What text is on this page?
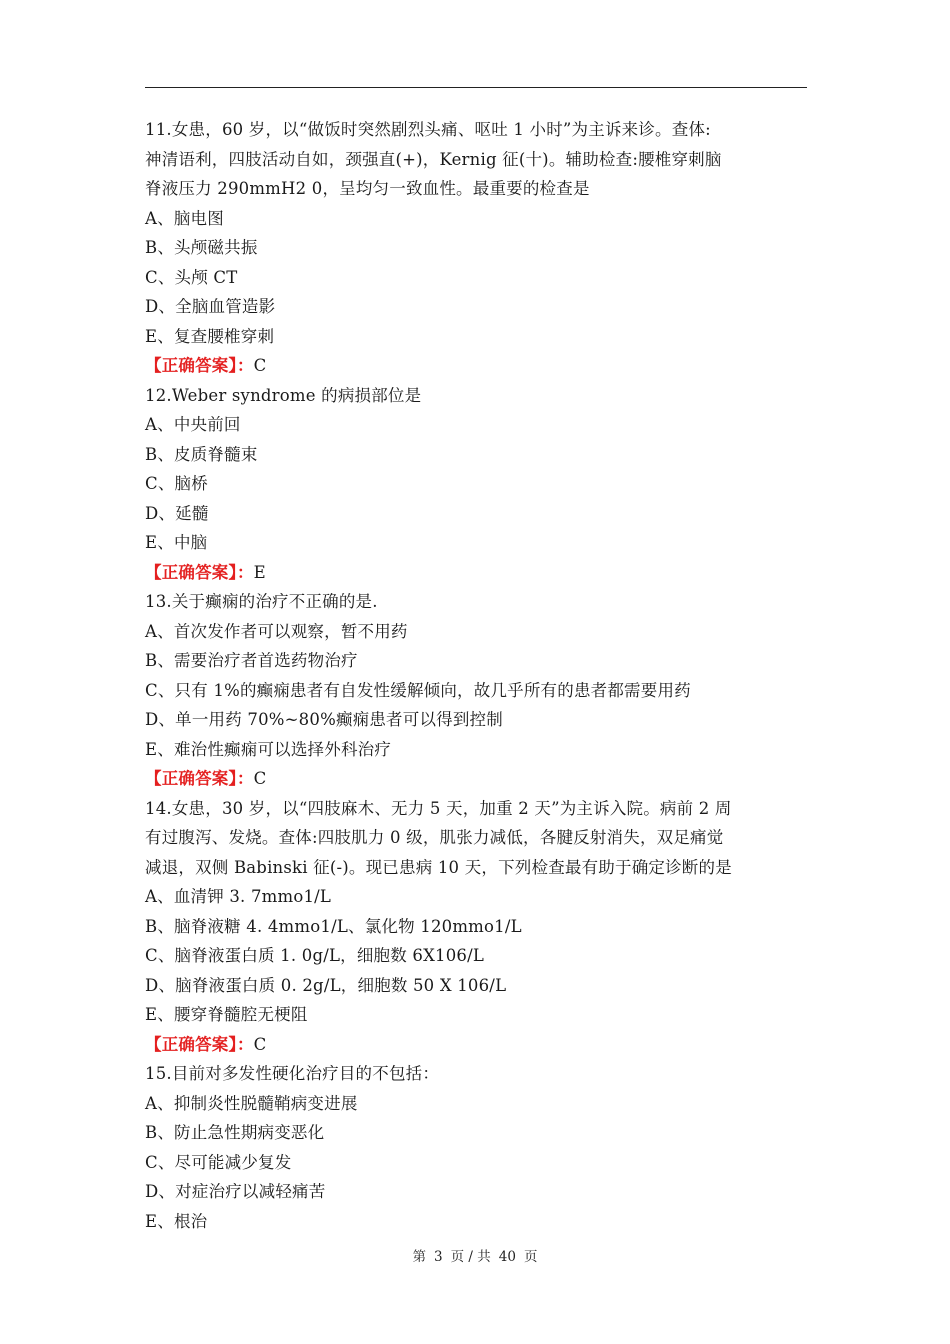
11.女患，60 岁，以“做饭时突然剧烈头痛、呕吐 1 小时”为主诉来诊。查体:
神清语利，四肢活动自如，颈强直(+)，Kernig 征(十)。辅助检查:腰椎穿刺脑
脊液压力 290mmH2 0，呈均匀一致血性。最重要的检查是
A、脑电图
B、头颅磁共振
C、头颅 CT
D、全脑血管造影
E、复查腰椎穿刺
【正确答案】：C
12.Weber syndrome 的病损部位是
A、中央前回
B、皮质脊髓束
C、脑桥
D、延髓
E、中脑
【正确答案】：E
13.关于癫痫的治疗不正确的是.
A、首次发作者可以观察，暂不用药
B、需要治疗者首选药物治疗
C、只有 1%的癫痫患者有自发性缓解倾向，故几乎所有的患者都需要用药
D、单一用药 70%~80%癫痫患者可以得到控制
E、难治性癫痫可以选择外科治疗
【正确答案】：C
14.女患，30 岁，以“四肢麻木、无力 5 天，加重 2 天”为主诉入院。病前 2 周
有过腹泻、发烧。查体:四肢肌力 0 级，肌张力减低，各腱反射消失，双足痛觉
减退，双侧 Babinski 征(-)。现已患病 10 天，下列检查最有助于确定诊断的是
A、血清钾 3. 7mmo1/L
B、脑脊液糖 4. 4mmo1/L、氯化物 120mmo1/L
C、脑脊液蛋白质 1. 0g/L，细胞数 6X106/L
D、脑脊液蛋白质 0. 2g/L，细胞数 50 X 106/L
E、腰穿脊髓腔无梗阻
【正确答案】：C
15.目前对多发性硬化治疗目的不包括：
A、抑制炎性脱髓鞘病变进展
B、防止急性期病变恶化
C、尽可能减少复发
D、对症治疗以减轻痛苦
E、根治
第 3 页 / 共 40 页
